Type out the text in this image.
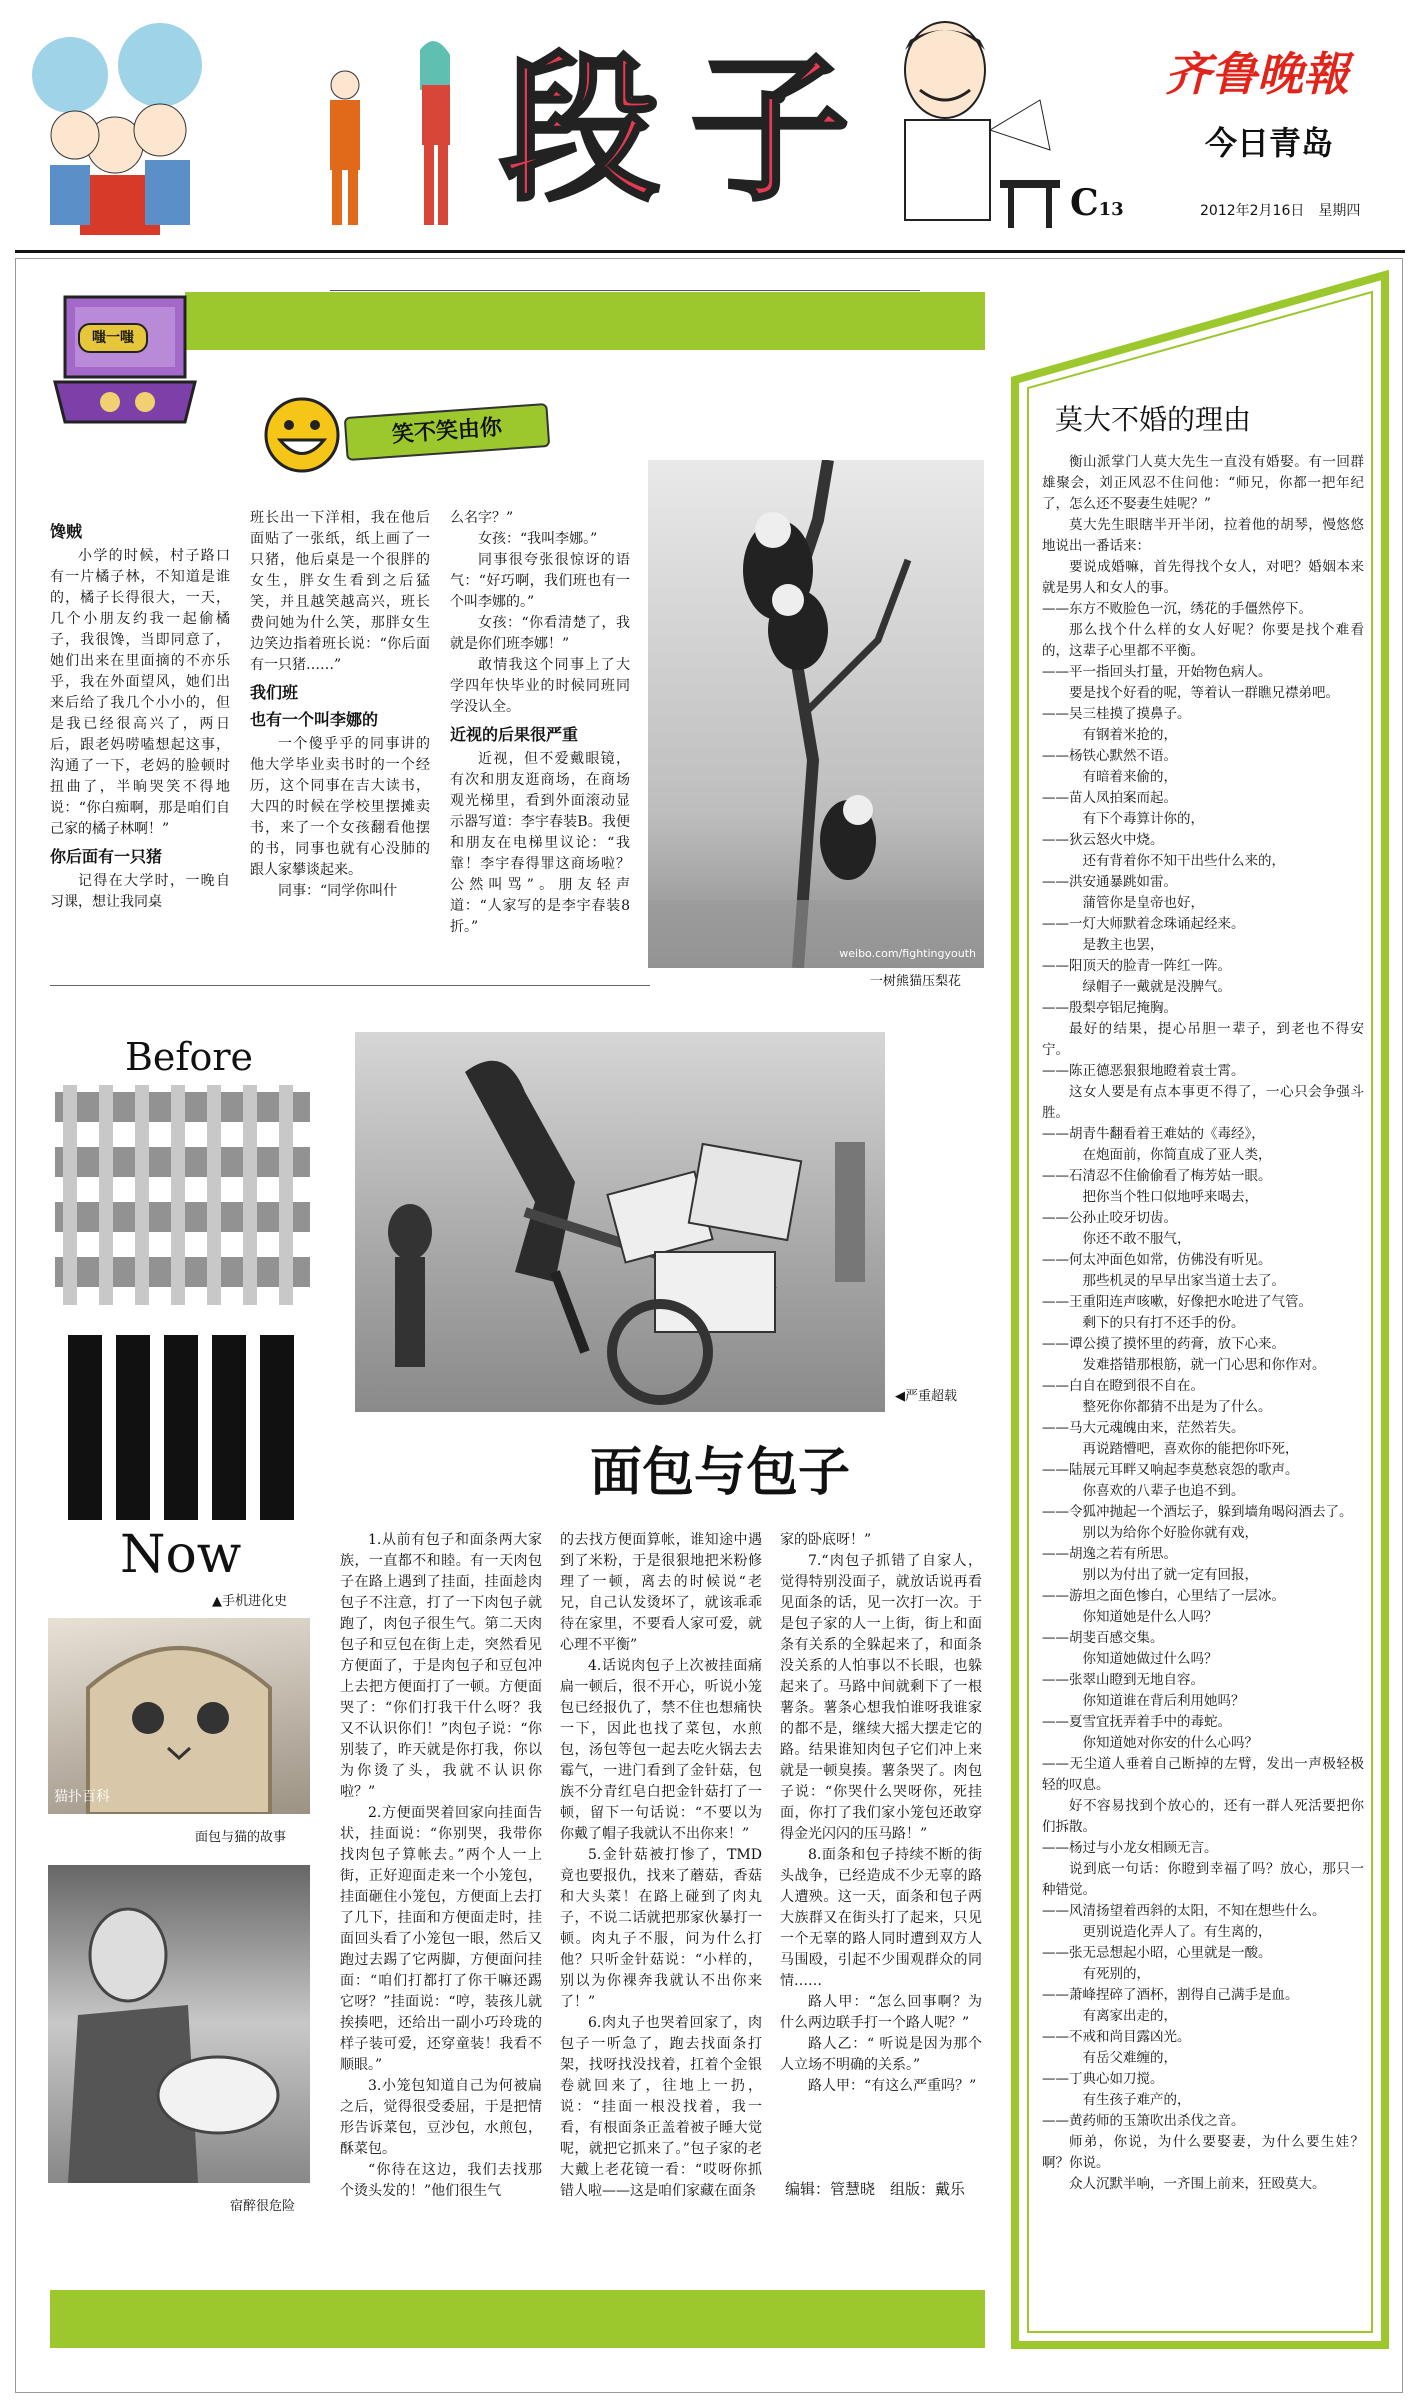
段子	齐鲁晚報
今日青岛
C13	2012年2月16日　星期四
嗤一嗤
笑不笑由你
馋贼

小学的时候，村子路口有一片橘子林，不知道是谁的，橘子长得很大，一天，几个小朋友约我一起偷橘子，我很馋，当即同意了，她们出来在里面摘的不亦乐乎，我在外面望风，她们出来后给了我几个小小的，但是我已经很高兴了，两日后，跟老妈唠嗑想起这事，沟通了一下，老妈的脸顿时扭曲了，半晌哭笑不得地说：“你白痴啊，那是咱们自己家的橘子林啊！”

你后面有一只猪

记得在大学时，一晚自习课，想让我同桌

班长出一下洋相，我在他后面贴了一张纸，纸上画了一只猪，他后桌是一个很胖的女生，胖女生看到之后猛笑，并且越笑越高兴，班长费问她为什么笑，那胖女生边笑边指着班长说：“你后面有一只猪……”

我们班
也有一个叫李娜的

一个傻乎乎的同事讲的他大学毕业卖书时的一个经历，这个同事在吉大读书，大四的时候在学校里摆摊卖书，来了一个女孩翻看他摆的书，同事也就有心没肺的跟人家攀谈起来。

同事：“同学你叫什

么名字？”

女孩：“我叫李娜。”

同事很夸张很惊讶的语气：“好巧啊，我们班也有一个叫李娜的。”

女孩：“你看清楚了，我就是你们班李娜！”

敢情我这个同事上了大学四年快毕业的时候同班同学没认全。

近视的后果很严重

近视，但不爱戴眼镜，有次和朋友逛商场，在商场观光梯里，看到外面滚动显示器写道：李宇春装B。我便和朋友在电梯里议论：“我靠！李宇春得罪这商场啦？公然叫骂”。朋友轻声道：“人家写的是李宇春装8折。”

weibo.com/fightingyouth
一树熊猫压梨花
Before
Now
▲手机进化史
猫扑百科
面包与猫的故事
宿醉很危险
◀严重超载
面包与包子

1.从前有包子和面条两大家族，一直都不和睦。有一天肉包子在路上遇到了挂面，挂面趁肉包子不注意，打了一下肉包子就跑了，肉包子很生气。第二天肉包子和豆包在街上走，突然看见方便面了，于是肉包子和豆包冲上去把方便面打了一顿。方便面哭了：“你们打我干什么呀？我又不认识你们！”肉包子说：“你别装了，昨天就是你打我，你以为你烫了头，我就不认识你啦？”

2.方便面哭着回家向挂面告状，挂面说：“你别哭，我带你找肉包子算帐去。”两个人一上街，正好迎面走来一个小笼包，挂面砸住小笼包，方便面上去打了几下，挂面和方便面走时，挂面回头看了小笼包一眼，然后又跑过去踢了它两脚，方便面问挂面：“咱们打都打了你干嘛还踢它呀？”挂面说：“哼，装孩儿就挨揍吧，还给出一副小巧玲珑的样子装可爱，还穿童装！我看不顺眼。”

3.小笼包知道自己为何被扁之后，觉得很受委屈，于是把情形告诉菜包，豆沙包，水煎包，酥菜包。

“你待在这边，我们去找那个烫头发的！”他们很生气

的去找方便面算帐，谁知途中遇到了米粉，于是很狠地把米粉修理了一顿，离去的时候说“老兄，自己认发烫坏了，就该乖乖待在家里，不要看人家可爱，就心理不平衡”

4.话说肉包子上次被挂面痛扁一顿后，很不开心，听说小笼包已经报仇了，禁不住也想痛快一下，因此也找了菜包，水煎包，汤包等包一起去吃火锅去去霉气，一进门看到了金针菇，包族不分青红皂白把金针菇打了一顿，留下一句话说：“不要以为你戴了帽子我就认不出你来！”

5.金针菇被打惨了，TMD竟也要报仇，找来了蘑菇，香菇和大头菜！在路上碰到了肉丸子，不说二话就把那家伙暴打一顿。肉丸子不服，问为什么打他？只听金针菇说：“小样的，别以为你裸奔我就认不出你来了！”

6.肉丸子也哭着回家了，肉包子一听急了，跑去找面条打架，找呀找没找着，扛着个金银卷就回来了，往地上一扔，说：“挂面一根没找着，我一看，有根面条正盖着被子睡大觉呢，就把它抓来了。”包子家的老大戴上老花镜一看：“哎呀你抓错人啦——这是咱们家藏在面条

家的卧底呀！”

7.“肉包子抓错了自家人，觉得特别没面子，就放话说再看见面条的话，见一次打一次。于是包子家的人一上街，街上和面条有关系的全躲起来了，和面条没关系的人怕事以不长眼，也躲起来了。马路中间就剩下了一根薯条。薯条心想我怕谁呀我谁家的都不是，继续大摇大摆走它的路。结果谁知肉包子它们冲上来就是一顿臭揍。薯条哭了。肉包子说：“你哭什么哭呀你，死挂面，你打了我们家小笼包还敢穿得金光闪闪的压马路！”

8.面条和包子持续不断的街头战争，已经造成不少无辜的路人遭殃。这一天，面条和包子两大族群又在街头打了起来，只见一个无辜的路人同时遭到双方人马围殴，引起不少围观群众的同情……

路人甲：“怎么回事啊？为什么两边联手打一个路人呢？”

路人乙：“ 听说是因为那个人立场不明确的关系。”

路人甲：“有这么严重吗？”

编辑：管慧晓　组版：戴乐
莫大不婚的理由

衡山派掌门人莫大先生一直没有婚娶。有一回群雄聚会，刘正风忍不住问他：“师兄，你都一把年纪了，怎么还不娶妻生娃呢？”

莫大先生眼瞎半开半闭，拉着他的胡琴，慢悠悠地说出一番话来：

要说成婚嘛，首先得找个女人，对吧？婚姻本来就是男人和女人的事。

——东方不败脸色一沉，绣花的手僵然停下。

那么找个什么样的女人好呢？你要是找个难看的，这辈子心里都不平衡。

——平一指回头打量，开始物色病人。

要是找个好看的呢，等着认一群瞧兄襟弟吧。

——吴三桂摸了摸鼻子。

有钢着米抢的，

——杨铁心默然不语。

有暗着来偷的，

——苗人凤拍案而起。

有下个毒算计你的，

——狄云怒火中烧。

还有背着你不知干出些什么来的，

——洪安通暴跳如雷。

蒲管你是皇帝也好，

——一灯大师默着念珠诵起经来。

是教主也罢，

——阳顶天的脸青一阵红一阵。

绿帽子一戴就是没脾气。

——殷梨亭铝尼掩胸。

最好的结果，提心吊胆一辈子，到老也不得安宁。

——陈正德恶狠狠地瞪着袁士霄。

这女人要是有点本事更不得了，一心只会争强斗胜。

——胡青牛翻看着王难姑的《毒经》，

在炮面前，你简直成了亚人类，

——石清忍不住偷偷看了梅芳姑一眼。

把你当个牲口似地呼来喝去，

——公孙止咬牙切齿。

你还不敢不服气，

——何太冲面色如常，仿佛没有听见。

那些机灵的早早出家当道士去了。

——王重阳连声咳嗽，好像把水呛进了气管。

剩下的只有打不还手的份。

——谭公摸了摸怀里的药膏，放下心来。

发难搭错那根筋，就一门心思和你作对。

——白自在瞪到很不自在。

整死你你都猜不出是为了什么。

——马大元魂魄由来，茫然若失。

再说踏懵吧，喜欢你的能把你吓死，

——陆展元耳畔又响起李莫愁哀怨的歌声。

你喜欢的八辈子也追不到。

——令狐冲抛起一个酒坛子，躲到墙角喝闷酒去了。

别以为给你个好脸你就有戏，

——胡逸之若有所思。

别以为付出了就一定有回报，

——游坦之面色惨白，心里结了一层冰。

你知道她是什么人吗？

——胡斐百感交集。

你知道她做过什么吗？

——张翠山瞪到无地自容。

你知道谁在背后利用她吗？

——夏雪宜抚弄着手中的毒蛇。

你知道她对你安的什么心吗？

——无尘道人垂着自己断掉的左臂，发出一声极轻极轻的叹息。

好不容易找到个放心的，还有一群人死活要把你们拆散。

——杨过与小龙女相顾无言。

说到底一句话：你瞪到幸福了吗？放心，那只一种错觉。

——风清扬望着西斜的太阳，不知在想些什么。

更别说造化弄人了。有生离的，

——张无忌想起小昭，心里就是一酸。

有死别的，

——萧峰捏碎了酒杯，割得自己满手是血。

有离家出走的，

——不戒和尚目露凶光。

有岳父难缠的，

——丁典心如刀搅。

有生孩子难产的，

——黄药师的玉箫吹出杀伐之音。

师弟，你说，为什么要娶妻，为什么要生娃？啊？你说。

众人沉默半响，一齐围上前来，狂殴莫大。
